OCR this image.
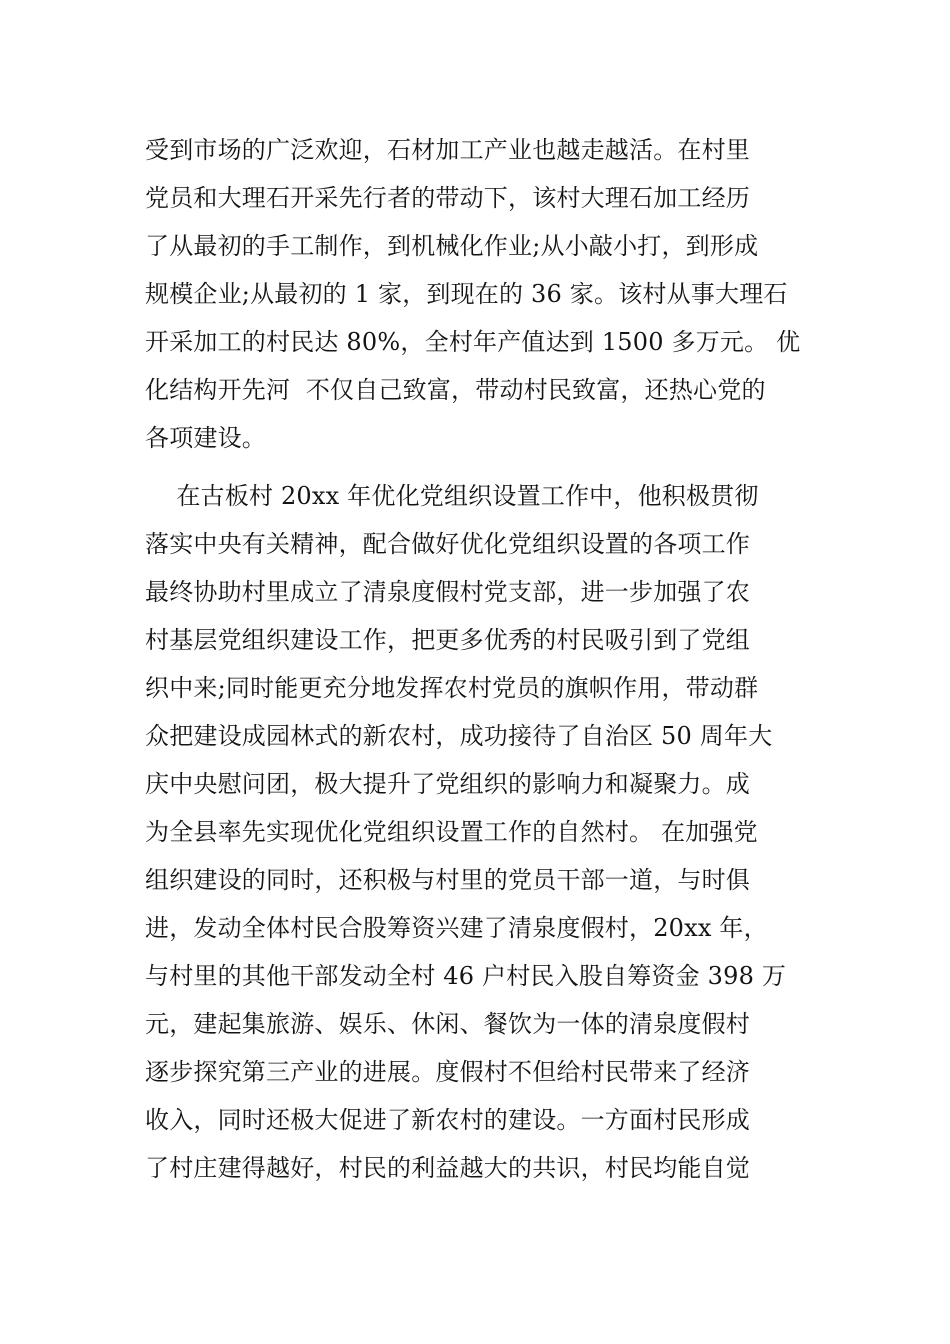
受到市场的广泛欢迎，石材加工产业也越走越活。在村里
党员和大理石开采先行者的带动下，该村大理石加工经历
了从最初的手工制作，到机械化作业;从小敲小打，到形成
规模企业;从最初的 1 家，到现在的 36 家。该村从事大理石
开采加工的村民达 80%，全村年产值达到 1500 多万元。 优
化结构开先河  不仅自己致富，带动村民致富，还热心党的
各项建设。
在古板村 20xx 年优化党组织设置工作中，他积极贯彻
落实中央有关精神，配合做好优化党组织设置的各项工作
最终协助村里成立了清泉度假村党支部，进一步加强了农
村基层党组织建设工作，把更多优秀的村民吸引到了党组
织中来;同时能更充分地发挥农村党员的旗帜作用，带动群
众把建设成园林式的新农村，成功接待了自治区 50 周年大
庆中央慰问团，极大提升了党组织的影响力和凝聚力。成
为全县率先实现优化党组织设置工作的自然村。 在加强党
组织建设的同时，还积极与村里的党员干部一道，与时俱
进，发动全体村民合股筹资兴建了清泉度假村，20xx 年，
与村里的其他干部发动全村 46 户村民入股自筹资金 398 万
元，建起集旅游、娱乐、休闲、餐饮为一体的清泉度假村
逐步探究第三产业的进展。度假村不但给村民带来了经济
收入，同时还极大促进了新农村的建设。一方面村民形成
了村庄建得越好，村民的利益越大的共识，村民均能自觉
